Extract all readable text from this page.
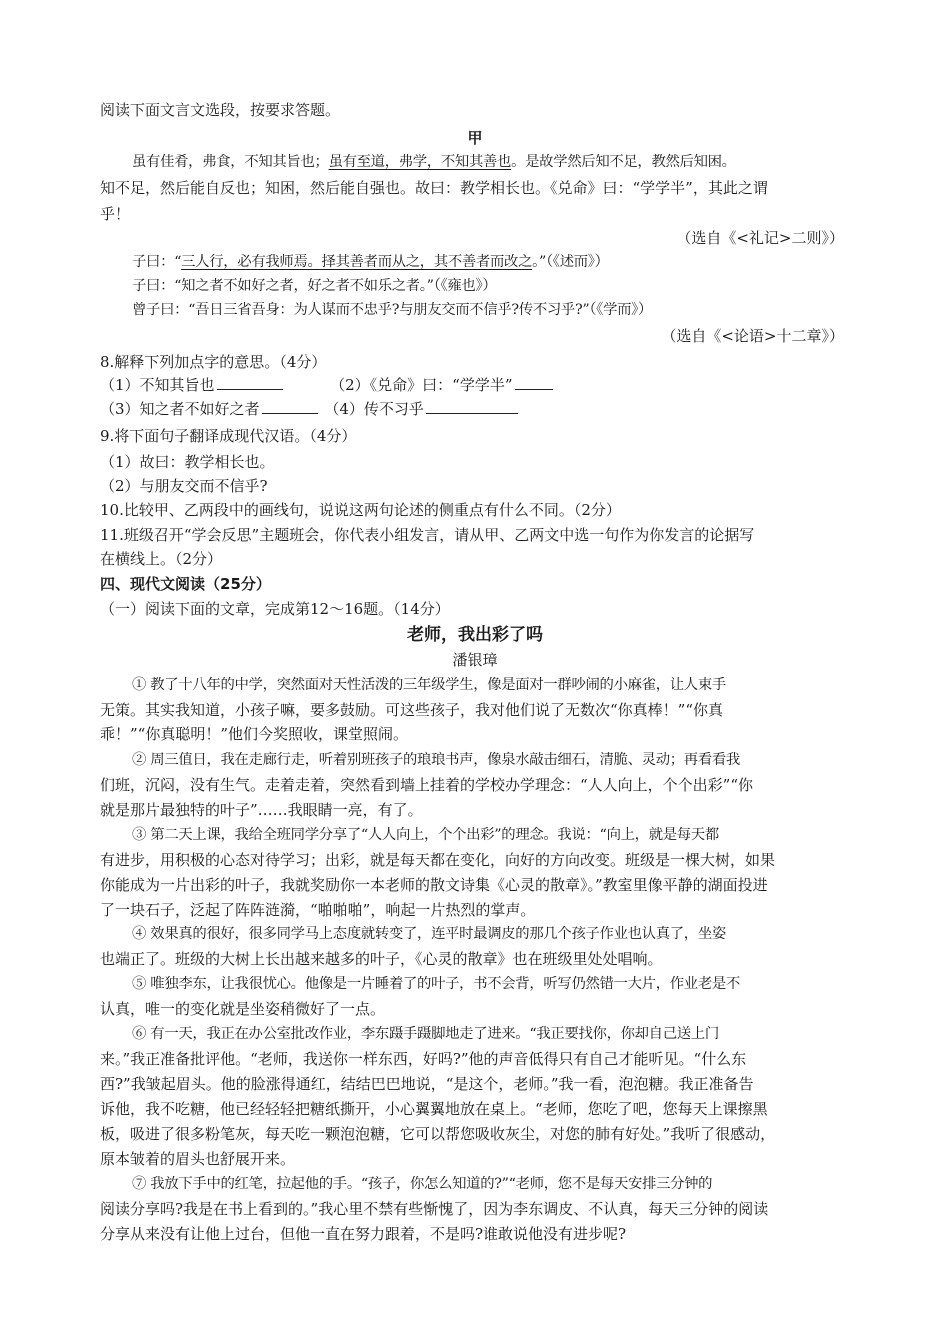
阅读下面文言文选段，按要求答题。
甲
虽有佳肴，弗食，不知其旨也；虽有至道，弗学，不知其善也。是故学然后知不足，教然后知困。
知不足，然后能自反也；知困，然后能自强也。故曰：教学相长也。《兑命》曰：“学学半”，其此之谓
乎！
（选自《<礼记>二则》）
子曰：“三人行，必有我师焉。择其善者而从之，其不善者而改之。”（《述而》）
子曰：“知之者不如好之者，好之者不如乐之者。”（《雍也》）
曾子曰：“吾日三省吾身：为人谋而不忠乎?与朋友交而不信乎?传不习乎?”（《学而》）
（选自《<论语>十二章》）
8.解释下列加点字的意思。（4分）
（1）不知其旨也	（2）《兑命》曰：“学学半”
（3）知之者不如好之者	（4）传不习乎
9.将下面句子翻译成现代汉语。（4分）
（1）故曰：教学相长也。
（2）与朋友交而不信乎?
10.比较甲、乙两段中的画线句，说说这两句论述的侧重点有什么不同。（2分）
11.班级召开“学会反思”主题班会，你代表小组发言，请从甲、乙两文中选一句作为你发言的论据写
在横线上。（2分）
四、现代文阅读（25分）
（一）阅读下面的文章，完成第12～16题。（14分）
老师，我出彩了吗
潘银璋
① 教了十八年的中学，突然面对天性活泼的三年级学生，像是面对一群吵闹的小麻雀，让人束手
无策。其实我知道，小孩子嘛，要多鼓励。可这些孩子，我对他们说了无数次“你真棒！”“你真
乖！”“你真聪明！”他们今奖照收，课堂照闹。
② 周三值日，我在走廊行走，听着别班孩子的琅琅书声，像泉水敲击细石，清脆、灵动；再看看我
们班，沉闷，没有生气。走着走着，突然看到墙上挂着的学校办学理念：“人人向上，个个出彩”“你
就是那片最独特的叶子”……我眼睛一亮，有了。
③ 第二天上课，我给全班同学分享了“人人向上，个个出彩”的理念。我说：“向上，就是每天都
有进步，用积极的心态对待学习；出彩，就是每天都在变化，向好的方向改变。班级是一棵大树，如果
你能成为一片出彩的叶子，我就奖励你一本老师的散文诗集《心灵的散章》。”教室里像平静的湖面投进
了一块石子，泛起了阵阵涟漪，“啪啪啪”，响起一片热烈的掌声。
④ 效果真的很好，很多同学马上态度就转变了，连平时最调皮的那几个孩子作业也认真了，坐姿
也端正了。班级的大树上长出越来越多的叶子，《心灵的散章》也在班级里处处唱响。
⑤ 唯独李东，让我很忧心。他像是一片睡着了的叶子，书不会背，听写仍然错一大片，作业老是不
认真，唯一的变化就是坐姿稍微好了一点。
⑥ 有一天，我正在办公室批改作业，李东蹑手蹑脚地走了进来。“我正要找你，你却自己送上门
来。”我正准备批评他。“老师，我送你一样东西，好吗?”他的声音低得只有自己才能听见。“什么东
西?”我皱起眉头。他的脸涨得通红，结结巴巴地说，“是这个，老师。”我一看，泡泡糖。我正准备告
诉他，我不吃糖，他已经轻轻把糖纸撕开，小心翼翼地放在桌上。“老师，您吃了吧，您每天上课擦黑
板，吸进了很多粉笔灰，每天吃一颗泡泡糖，它可以帮您吸收灰尘，对您的肺有好处。”我听了很感动，
原本皱着的眉头也舒展开来。
⑦ 我放下手中的红笔，拉起他的手。“孩子，你怎么知道的?”“老师，您不是每天安排三分钟的
阅读分享吗?我是在书上看到的。”我心里不禁有些惭愧了，因为李东调皮、不认真，每天三分钟的阅读
分享从来没有让他上过台，但他一直在努力跟着，不是吗?谁敢说他没有进步呢?
